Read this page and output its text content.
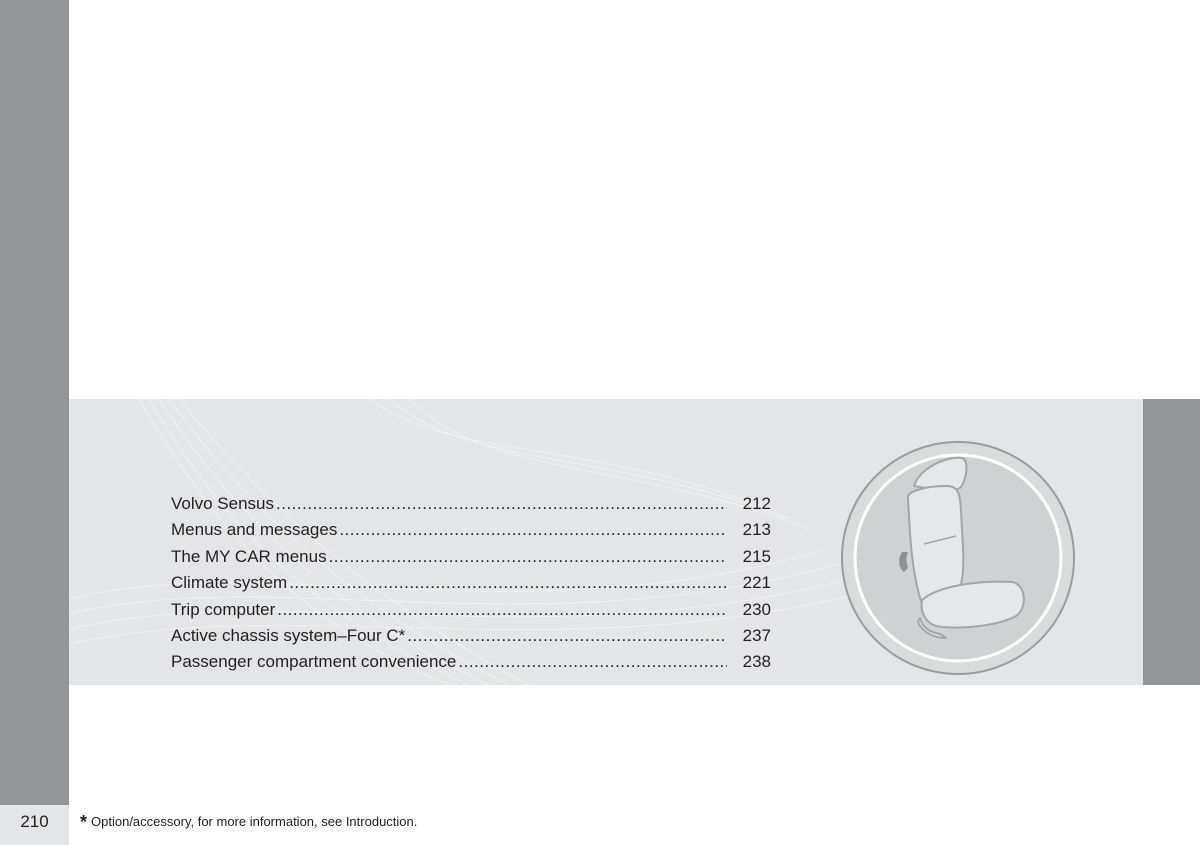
Volvo Sensus .....	212
Menus and messages .....	213
The MY CAR menus .....	215
Climate system .....	221
Trip computer .....	230
Active chassis system–Four C* .....	237
Passenger compartment convenience .....	238
210	* Option/accessory, for more information, see Introduction.
